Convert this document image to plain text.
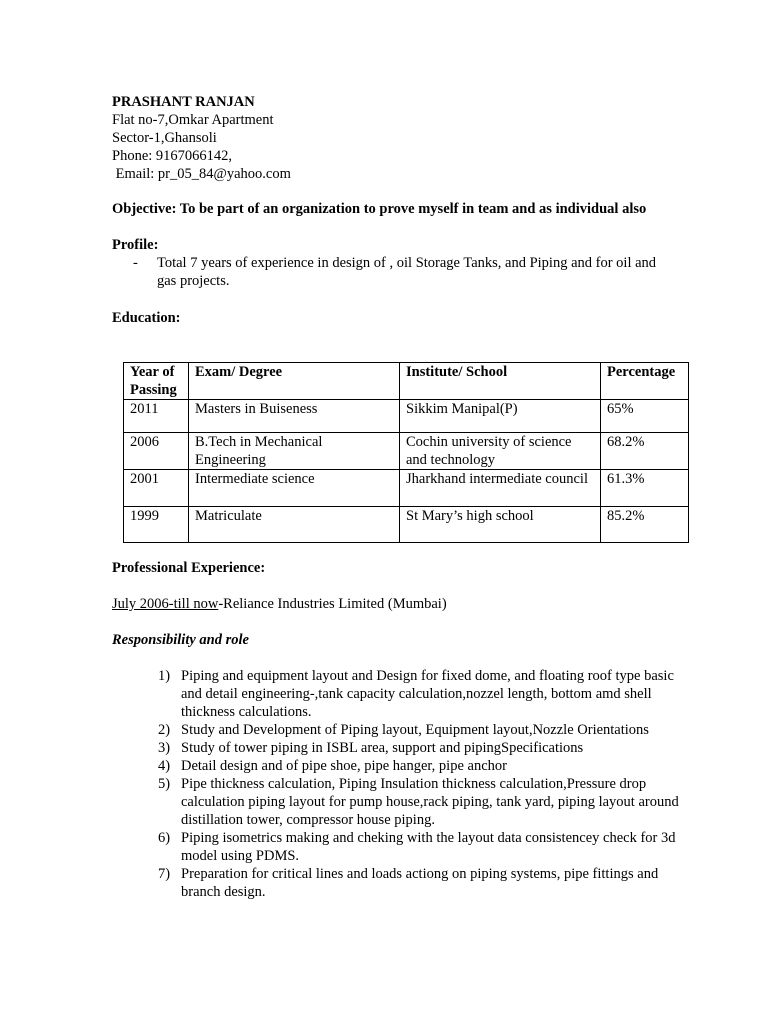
PRASHANT RANJAN

Flat no-7,Omkar Apartment

Sector-1,Ghansoli

Phone: 9167066142,

Email: pr_05_84@yahoo.com

Objective: To be part of an organization to prove myself in team and as individual also

Profile:

- Total 7 years of experience in design of , oil Storage Tanks, and Piping and for oil and gas projects.

Education:

Year of Passing	Exam/ Degree	Institute/ School	Percentage
2011	Masters in Buiseness	Sikkim Manipal(P)	65%
2006	B.Tech in Mechanical Engineering	Cochin university of science and technology	68.2%
2001	Intermediate science	Jharkhand intermediate council	61.3%
1999	Matriculate	St Mary’s high school	85.2%

Professional Experience:

July 2006-till now-Reliance Industries Limited (Mumbai)

Responsibility and role

1) Piping and equipment layout and Design for fixed dome, and floating roof type basic and detail engineering-,tank capacity calculation,nozzel length, bottom amd shell thickness calculations.
2) Study and Development of Piping layout, Equipment layout,Nozzle Orientations
3) Study of tower piping in ISBL area, support and pipingSpecifications
4) Detail design and of pipe shoe, pipe hanger, pipe anchor
5) Pipe thickness calculation, Piping Insulation thickness calculation,Pressure drop calculation piping layout for pump house,rack piping, tank yard, piping layout around distillation tower, compressor house piping.
6) Piping isometrics making and cheking with the layout data consistencey check for 3d model using PDMS.
7) Preparation for critical lines and loads actiong on piping systems, pipe fittings and branch design.
